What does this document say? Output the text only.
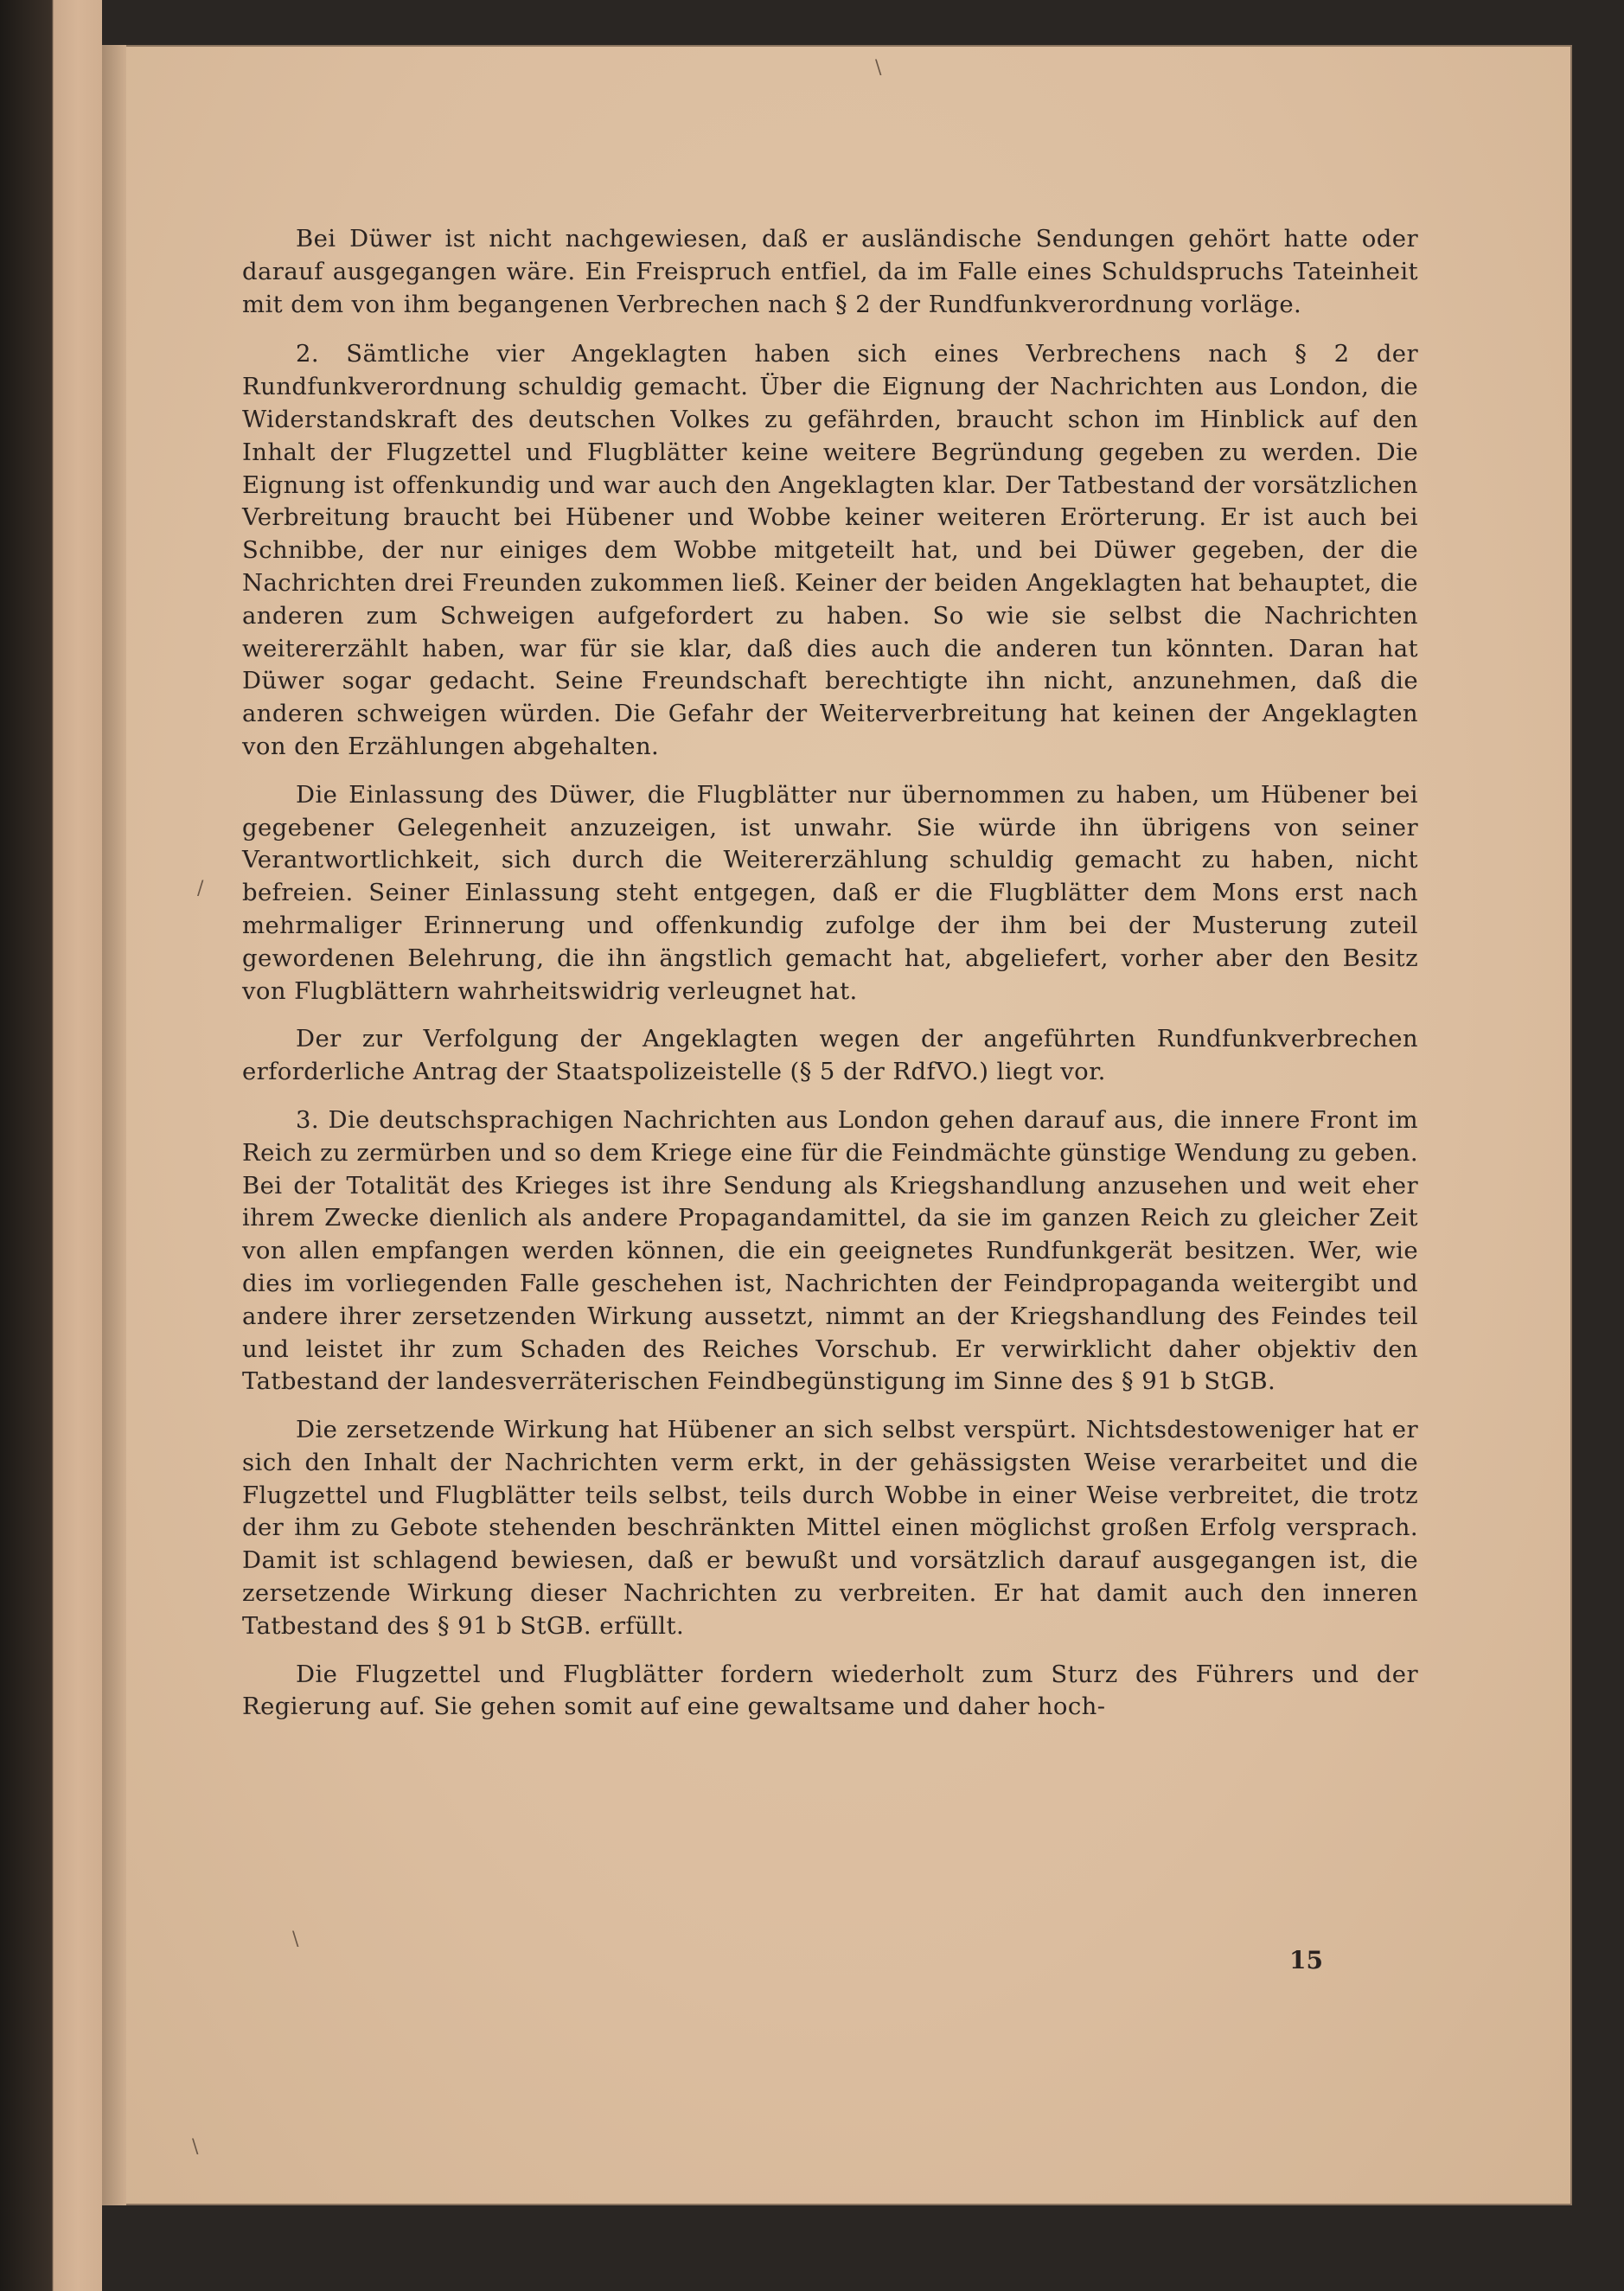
\
/
\
\

Bei Düwer ist nicht nachgewiesen, daß er ausländische Sendungen gehört hatte oder darauf ausgegangen wäre. Ein Freispruch entfiel, da im Falle eines Schuldspruchs Tateinheit mit dem von ihm begangenen Verbrechen nach § 2 der Rundfunkverordnung vorläge.

2. Sämtliche vier Angeklagten haben sich eines Verbrechens nach § 2 der Rundfunkverordnung schuldig gemacht. Über die Eignung der Nachrichten aus London, die Widerstandskraft des deutschen Volkes zu gefährden, braucht schon im Hinblick auf den Inhalt der Flugzettel und Flugblätter keine weitere Begründung gegeben zu werden. Die Eignung ist offenkundig und war auch den Angeklagten klar. Der Tatbestand der vorsätzlichen Verbreitung braucht bei Hübener und Wobbe keiner weiteren Erörterung. Er ist auch bei Schnibbe, der nur einiges dem Wobbe mitgeteilt hat, und bei Düwer gegeben, der die Nachrichten drei Freunden zukommen ließ. Keiner der beiden Angeklagten hat behauptet, die anderen zum Schweigen aufgefordert zu haben. So wie sie selbst die Nachrichten weitererzählt haben, war für sie klar, daß dies auch die anderen tun könnten. Daran hat Düwer sogar gedacht. Seine Freundschaft berechtigte ihn nicht, anzunehmen, daß die anderen schweigen würden. Die Gefahr der Weiterverbreitung hat keinen der Angeklagten von den Erzählungen abgehalten.

Die Einlassung des Düwer, die Flugblätter nur übernommen zu haben, um Hübener bei gegebener Gelegenheit anzuzeigen, ist unwahr. Sie würde ihn übrigens von seiner Verantwortlichkeit, sich durch die Weitererzählung schuldig gemacht zu haben, nicht befreien. Seiner Einlassung steht entgegen, daß er die Flugblätter dem Mons erst nach mehrmaliger Erinnerung und offenkundig zufolge der ihm bei der Musterung zuteil gewordenen Belehrung, die ihn ängstlich gemacht hat, abgeliefert, vorher aber den Besitz von Flugblättern wahrheitswidrig verleugnet hat.

Der zur Verfolgung der Angeklagten wegen der angeführten Rundfunkverbrechen erforderliche Antrag der Staatspolizeistelle (§ 5 der RdfVO.) liegt vor.

3. Die deutschsprachigen Nachrichten aus London gehen darauf aus, die innere Front im Reich zu zermürben und so dem Kriege eine für die Feindmächte günstige Wendung zu geben. Bei der Totalität des Krieges ist ihre Sendung als Kriegshandlung anzusehen und weit eher ihrem Zwecke dienlich als andere Propagandamittel, da sie im ganzen Reich zu gleicher Zeit von allen empfangen werden können, die ein geeignetes Rundfunkgerät besitzen. Wer, wie dies im vorliegenden Falle geschehen ist, Nachrichten der Feindpropaganda weitergibt und andere ihrer zersetzenden Wirkung aussetzt, nimmt an der Kriegshandlung des Feindes teil und leistet ihr zum Schaden des Reiches Vorschub. Er verwirklicht daher objektiv den Tatbestand der landesverräterischen Feindbegünstigung im Sinne des § 91 b StGB.

Die zersetzende Wirkung hat Hübener an sich selbst verspürt. Nichtsdestoweniger hat er sich den Inhalt der Nachrichten verm erkt, in der gehässigsten Weise verarbeitet und die Flugzettel und Flugblätter teils selbst, teils durch Wobbe in einer Weise verbreitet, die trotz der ihm zu Gebote stehenden beschränkten Mittel einen möglichst großen Erfolg versprach. Damit ist schlagend bewiesen, daß er bewußt und vorsätzlich darauf ausgegangen ist, die zersetzende Wirkung dieser Nachrichten zu verbreiten. Er hat damit auch den inneren Tatbestand des § 91 b StGB. erfüllt.

Die Flugzettel und Flugblätter fordern wiederholt zum Sturz des Führers und der Regierung auf. Sie gehen somit auf eine gewaltsame und daher hoch-

15
